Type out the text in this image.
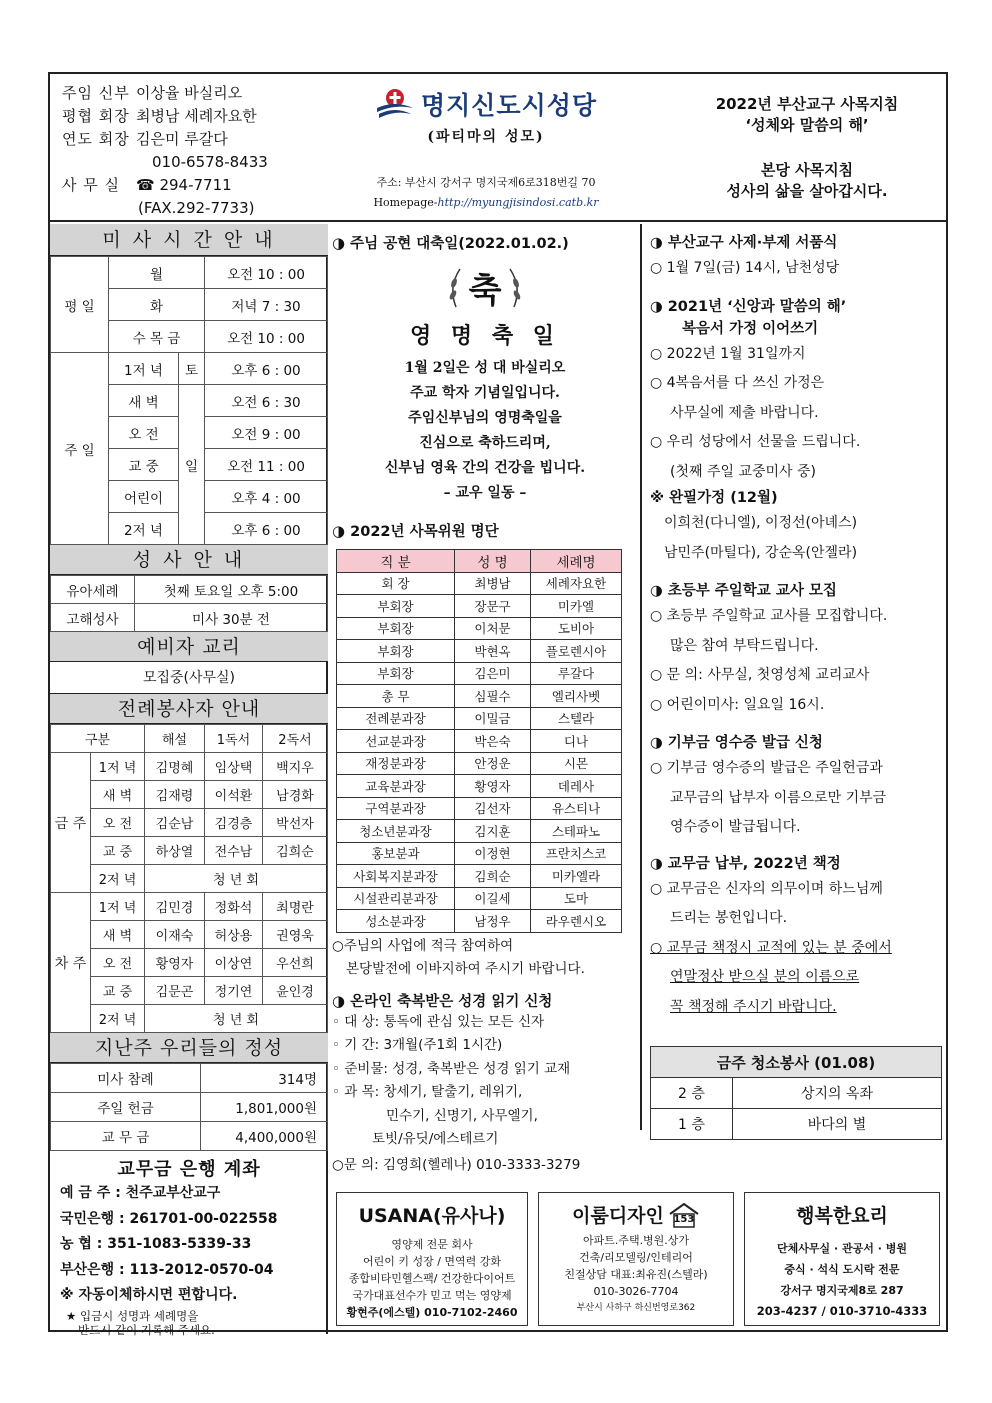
주임 신부 이상율 바실리오
평협 회장 최병남 세례자요한
연도 회장 김은미 루갈다
010-6578-8433
사 무 실 ☎ 294-7711
(FAX.292-7733)
명지신도시성당
(파티마의 성모)
주소: 부산시 강서구 명지국제6로318번길 70
Homepage-http://myungjisindosi.catb.kr
2022년 부산교구 사목지침
‘성체와 말씀의 해’
본당 사목지침
성사의 삶을 살아갑시다.
미 사 시 간 안 내
평 일	월		오전 10 : 00
	화		저녁 7 : 30
	수 목 금		오전 10 : 00
주 일	1저 녁	토	오후 6 : 00
	새 벽	일	오전 6 : 30
	오 전		오전 9 : 00
	교 중		오전 11 : 00
	어린이		오후 4 : 00
	2저 녁		오후 6 : 00
성 사 안 내
유아세례	첫째 토요일 오후 5:00
고해성사	미사 30분 전
예비자 교리
모집중(사무실)
전례봉사자 안내
구분		해설	1독서	2독서
금 주	1저 녁	김명혜	임상택	백지우
	새 벽	김재령	이석환	남경화
	오 전	김순남	김경층	박선자
	교 중	하상열	전수남	김희순
	2저 녁	청 년 회		
차 주	1저 녁	김민경	정화석	최명란
	새 벽	이재숙	허상용	권영욱
	오 전	황영자	이상연	우선희
	교 중	김문곤	정기연	윤인경
	2저 녁	청 년 회		
지난주 우리들의 정성
미사 참례	314명
주일 헌금	1,801,000원
교 무 금	4,400,000원
교무금 은행 계좌
예 금 주 : 천주교부산교구
국민은행 : 261701-00-022558
농 협 : 351-1083-5339-33
부산은행 : 113-2012-0570-04
※ 자동이체하시면 편합니다.
★ 입금시 성명과 세례명을
반드시 같이 기록해 주세요.
◑ 주님 공현 대축일(2022.01.02.)
축
영 명 축 일
1월 2일은 성 대 바실리오
주교 학자 기념일입니다.
주임신부님의 영명축일을
진심으로 축하드리며,
신부님 영육 간의 건강을 빕니다.
– 교우 일동 –
◑ 2022년 사목위원 명단
직 분	성 명	세례명
회 장	최병남	세례자요한
부회장	장문구	미카엘
부회장	이처문	도비아
부회장	박현옥	플로렌시아
부회장	김은미	루갈다
총 무	심필수	엘리사벳
전례분과장	이밀금	스텔라
선교분과장	박은숙	디나
재정분과장	안정운	시몬
교육분과장	황영자	데레사
구역분과장	김선자	유스티나
청소년분과장	김지훈	스테파노
홍보분과	이정현	프란치스코
사회복지분과장	김희순	미카엘라
시설관리분과장	이길세	도마
성소분과장	남정우	라우렌시오
○주님의 사업에 적극 참여하여
본당발전에 이바지하여 주시기 바랍니다.
◑ 온라인 축복받은 성경 읽기 신청
◦ 대 상: 통독에 관심 있는 모든 신자
◦ 기 간: 3개월(주1회 1시간)
◦ 준비물: 성경, 축복받은 성경 읽기 교재
◦ 과 목: 창세기, 탈출기, 레위기,
민수기, 신명기, 사무엘기,
토빗/유딧/에스테르기
○문 의: 김영희(헬레나) 010-3333-3279
◑ 부산교구 사제·부제 서품식
○ 1월 7일(금) 14시, 남천성당
◑ 2021년 ‘신앙과 말씀의 해’
복음서 가정 이어쓰기
○ 2022년 1월 31일까지
○ 4복음서를 다 쓰신 가정은
사무실에 제출 바랍니다.
○ 우리 성당에서 선물을 드립니다.
(첫째 주일 교중미사 중)
※ 완필가정 (12월)
이희천(다니엘), 이정선(아녜스)
남민주(마틸다), 강순옥(안젤라)
◑ 초등부 주일학교 교사 모집
○ 초등부 주일학교 교사를 모집합니다.
많은 참여 부탁드립니다.
○ 문 의: 사무실, 첫영성체 교리교사
○ 어린이미사: 일요일 16시.
◑ 기부금 영수증 발급 신청
○ 기부금 영수증의 발급은 주일헌금과
교무금의 납부자 이름으로만 기부금
영수증이 발급됩니다.
◑ 교무금 납부, 2022년 책정
○ 교무금은 신자의 의무이며 하느님께
드리는 봉헌입니다.
○ 교무금 책정시 교적에 있는 분 중에서
연말정산 받으실 분의 이름으로
꼭 책정해 주시기 바랍니다.
금주 청소봉사 (01.08)	
2 층	상지의 옥좌
1 층	바다의 별
USANA(유사나)
영양제 전문 회사
어린이 키 성장 / 면역력 강화
종합비타민헬스팩/ 건강한다이어트
국가대표선수가 믿고 먹는 영양제
황현주(에스텔) 010-7102-2460
이룸디자인 153
아파트.주택.병원.상가
건축/리모델링/인테리어
친절상담 대표:최유진(스텔라)
010-3026-7704
부산시 사하구 하신번영로362
행복한요리
단체사무실 · 관공서 · 병원
중식 · 석식 도시락 전문
강서구 명지국제8로 287
203-4237 / 010-3710-4333
